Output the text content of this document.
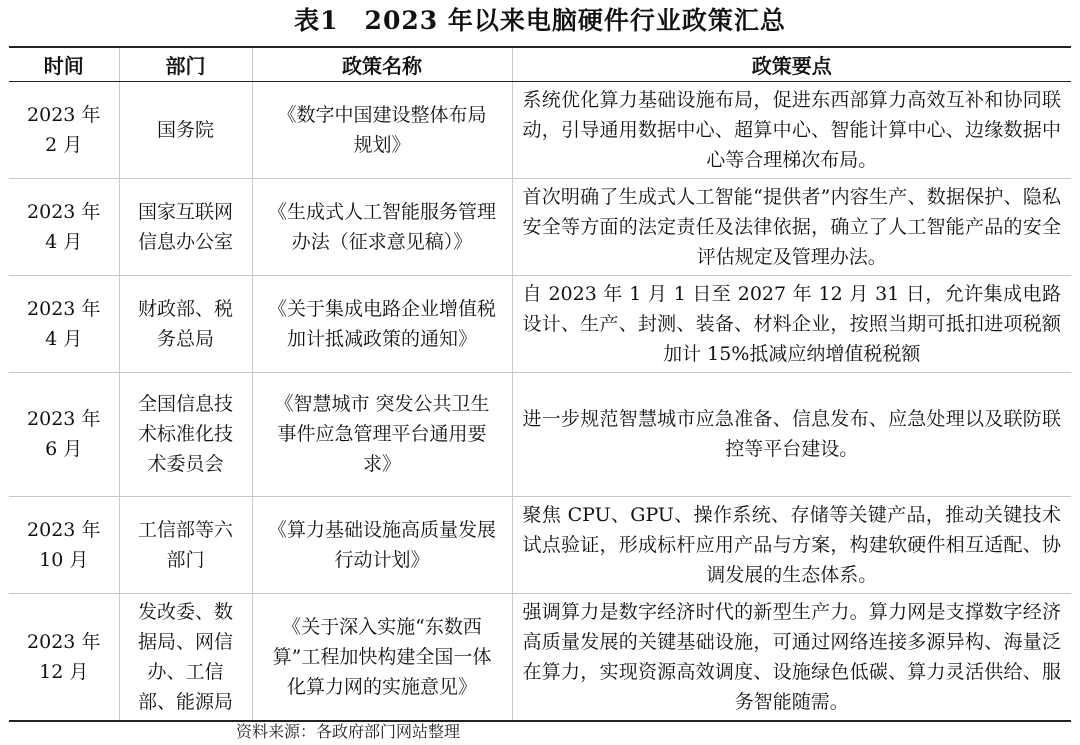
表1 2023 年以来电脑硬件行业政策汇总
时间	部门	政策名称	政策要点
2023 年 2 月	国务院	《数字中国建设整体布局规划》	系统优化算力基础设施布局，促进东西部算力高效互补和协同联动，引导通用数据中心、超算中心、智能计算中心、边缘数据中心等合理梯次布局。
2023 年 4 月	国家互联网信息办公室	《生成式人工智能服务管理办法（征求意见稿）》	首次明确了生成式人工智能“提供者”内容生产、数据保护、隐私安全等方面的法定责任及法律依据，确立了人工智能产品的安全评估规定及管理办法。
2023 年 4 月	财政部、税务总局	《关于集成电路企业增值税加计抵减政策的通知》	自 2023 年 1 月 1 日至 2027 年 12 月 31 日，允许集成电路设计、生产、封测、装备、材料企业，按照当期可抵扣进项税额加计 15%抵减应纳增值税税额
2023 年 6 月	全国信息技术标准化技术委员会	《智慧城市 突发公共卫生事件应急管理平台通用要求》	进一步规范智慧城市应急准备、信息发布、应急处理以及联防联控等平台建设。
2023 年 10 月	工信部等六部门	《算力基础设施高质量发展行动计划》	聚焦 CPU、GPU、操作系统、存储等关键产品，推动关键技术试点验证，形成标杆应用产品与方案，构建软硬件相互适配、协调发展的生态体系。
2023 年 12 月	发改委、数据局、网信办、工信部、能源局	《关于深入实施“东数西算”工程加快构建全国一体化算力网的实施意见》	强调算力是数字经济时代的新型生产力。算力网是支撑数字经济高质量发展的关键基础设施，可通过网络连接多源异构、海量泛在算力，实现资源高效调度、设施绿色低碳、算力灵活供给、服务智能随需。
资料来源：各政府部门网站整理
